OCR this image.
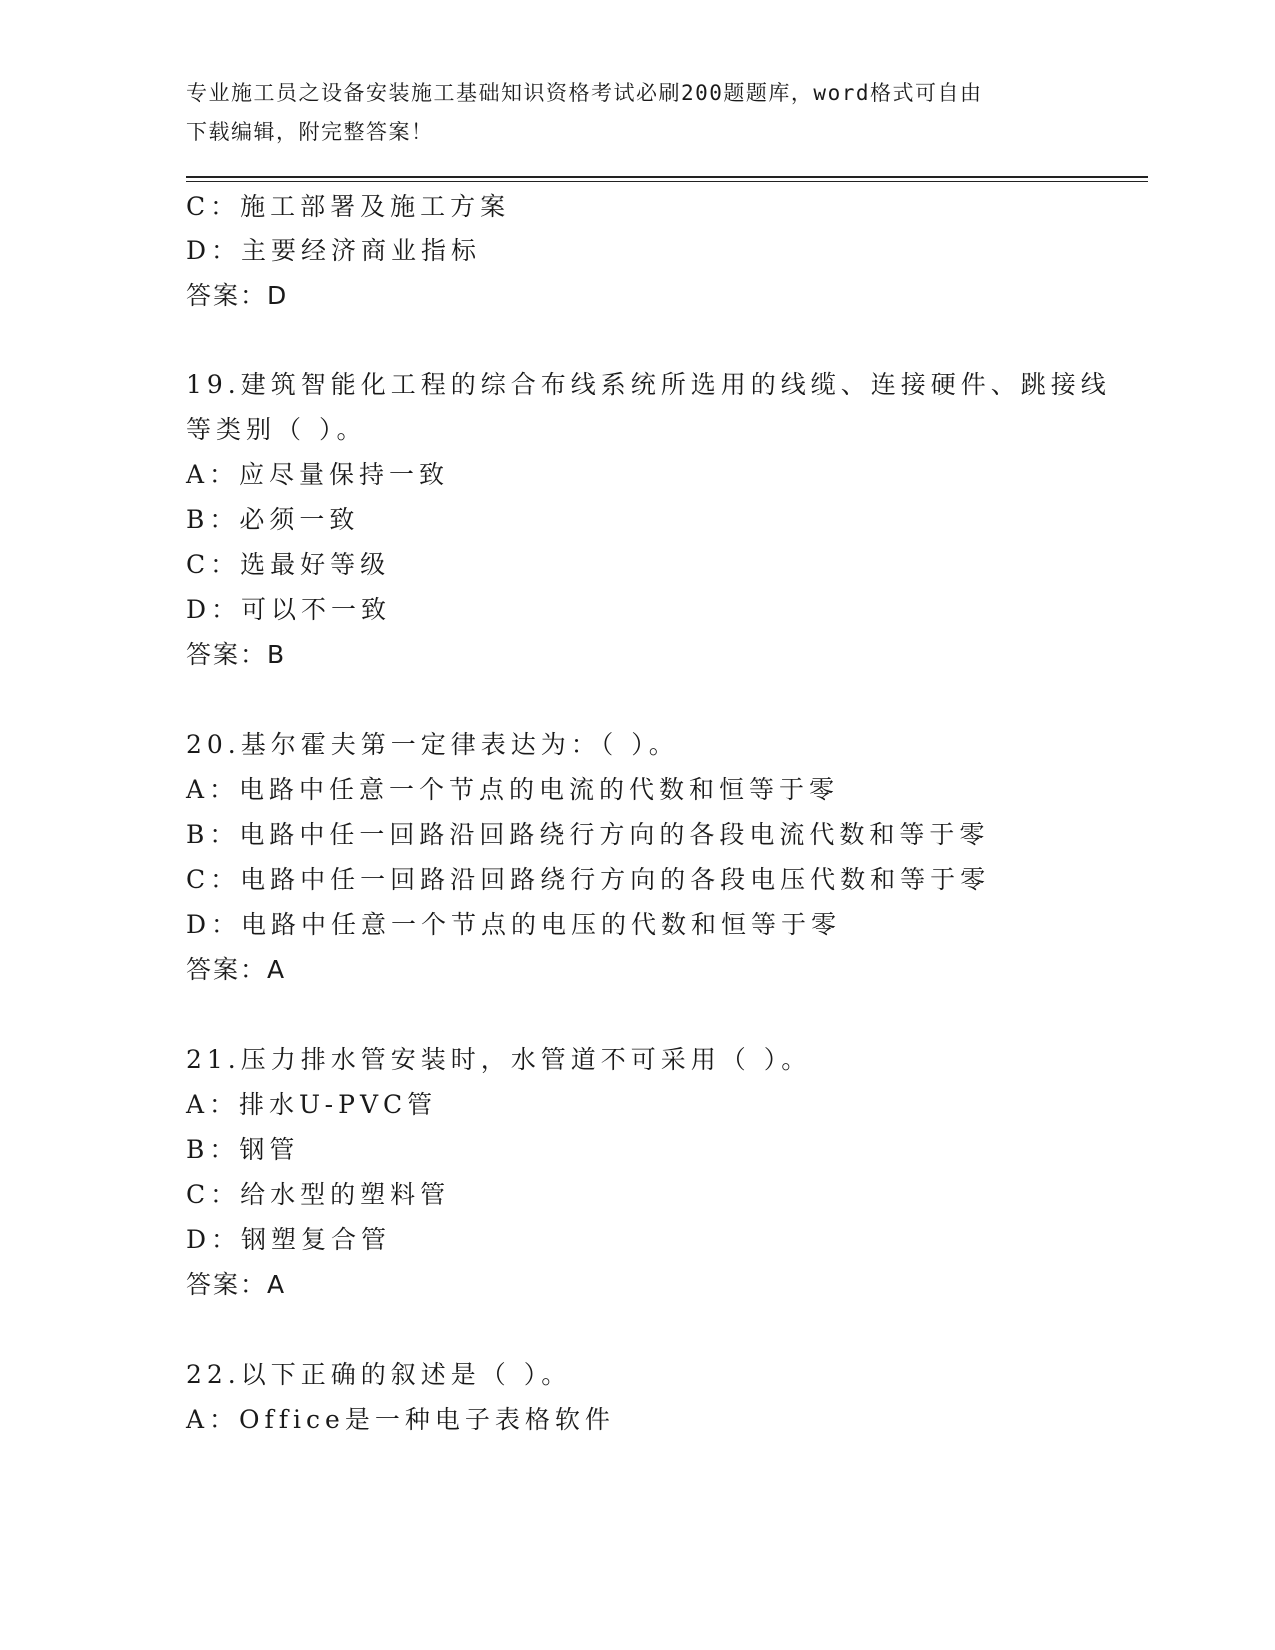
专业施工员之设备安装施工基础知识资格考试必刷200题题库，word格式可自由
下载编辑，附完整答案！
C：施工部署及施工方案
D：主要经济商业指标
答案：D
19.建筑智能化工程的综合布线系统所选用的线缆、连接硬件、跳接线
等类别（ ）。
A：应尽量保持一致
B：必须一致
C：选最好等级
D：可以不一致
答案：B
20.基尔霍夫第一定律表达为：（ ）。
A：电路中任意一个节点的电流的代数和恒等于零
B：电路中任一回路沿回路绕行方向的各段电流代数和等于零
C：电路中任一回路沿回路绕行方向的各段电压代数和等于零
D：电路中任意一个节点的电压的代数和恒等于零
答案：A
21.压力排水管安装时，水管道不可采用（ ）。
A：排水U-PVC管
B：钢管
C：给水型的塑料管
D：钢塑复合管
答案：A
22.以下正确的叙述是（ ）。
A：Office是一种电子表格软件
